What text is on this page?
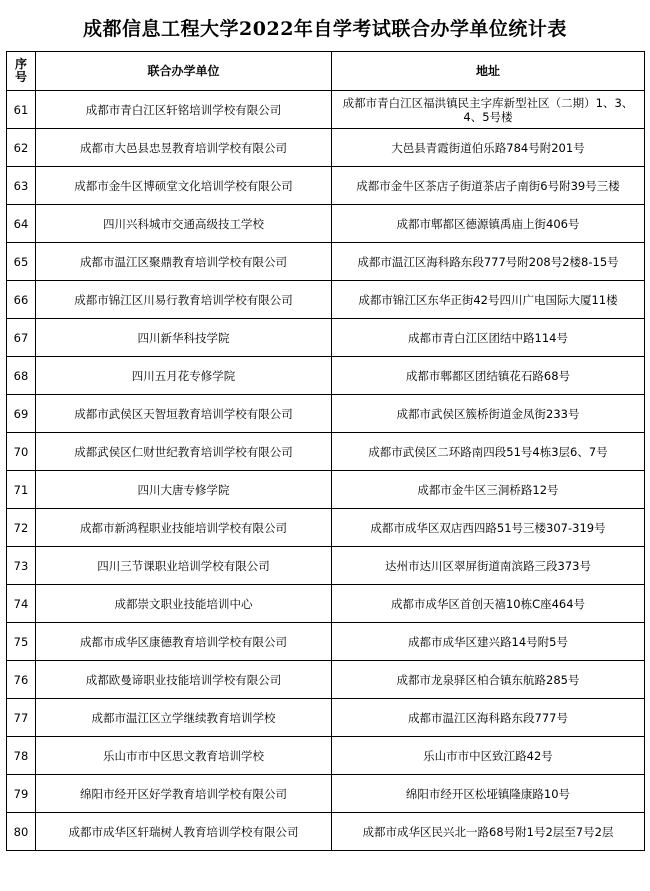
成都信息工程大学2022年自学考试联合办学单位统计表
序号	联合办学单位	地址
61	成都市青白江区轩铭培训学校有限公司	成都市青白江区福洪镇民主字库新型社区（二期）1、3、4、5号楼
62	成都市大邑县忠昱教育培训学校有限公司	大邑县青霞街道伯乐路784号附201号
63	成都市金牛区博硕堂文化培训学校有限公司	成都市金牛区茶店子街道茶店子南街6号附39号三楼
64	四川兴科城市交通高级技工学校	成都市郫都区德源镇禹庙上街406号
65	成都市温江区聚鼎教育培训学校有限公司	成都市温江区海科路东段777号附208号2楼8-15号
66	成都市锦江区川易行教育培训学校有限公司	成都市锦江区东华正街42号四川广电国际大厦11楼
67	四川新华科技学院	成都市青白江区团结中路114号
68	四川五月花专修学院	成都市郫都区团结镇花石路68号
69	成都市武侯区天智垣教育培训学校有限公司	成都市武侯区簇桥街道金凤街233号
70	成都武侯区仁财世纪教育培训学校有限公司	成都市武侯区二环路南四段51号4栋3层6、7号
71	四川大唐专修学院	成都市金牛区三洞桥路12号
72	成都市新鸿程职业技能培训学校有限公司	成都市成华区双店西四路51号三楼307-319号
73	四川三节课职业培训学校有限公司	达州市达川区翠屏街道南滨路三段373号
74	成都崇文职业技能培训中心	成都市成华区首创天禧10栋C座464号
75	成都市成华区康德教育培训学校有限公司	成都市成华区建兴路14号附5号
76	成都欧曼谛职业技能培训学校有限公司	成都市龙泉驿区柏合镇东航路285号
77	成都市温江区立学继续教育培训学校	成都市温江区海科路东段777号
78	乐山市市中区思文教育培训学校	乐山市市中区致江路42号
79	绵阳市经开区好学教育培训学校有限公司	绵阳市经开区松垭镇隆康路10号
80	成都市成华区轩瑞树人教育培训学校有限公司	成都市成华区民兴北一路68号附1号2层至7号2层
